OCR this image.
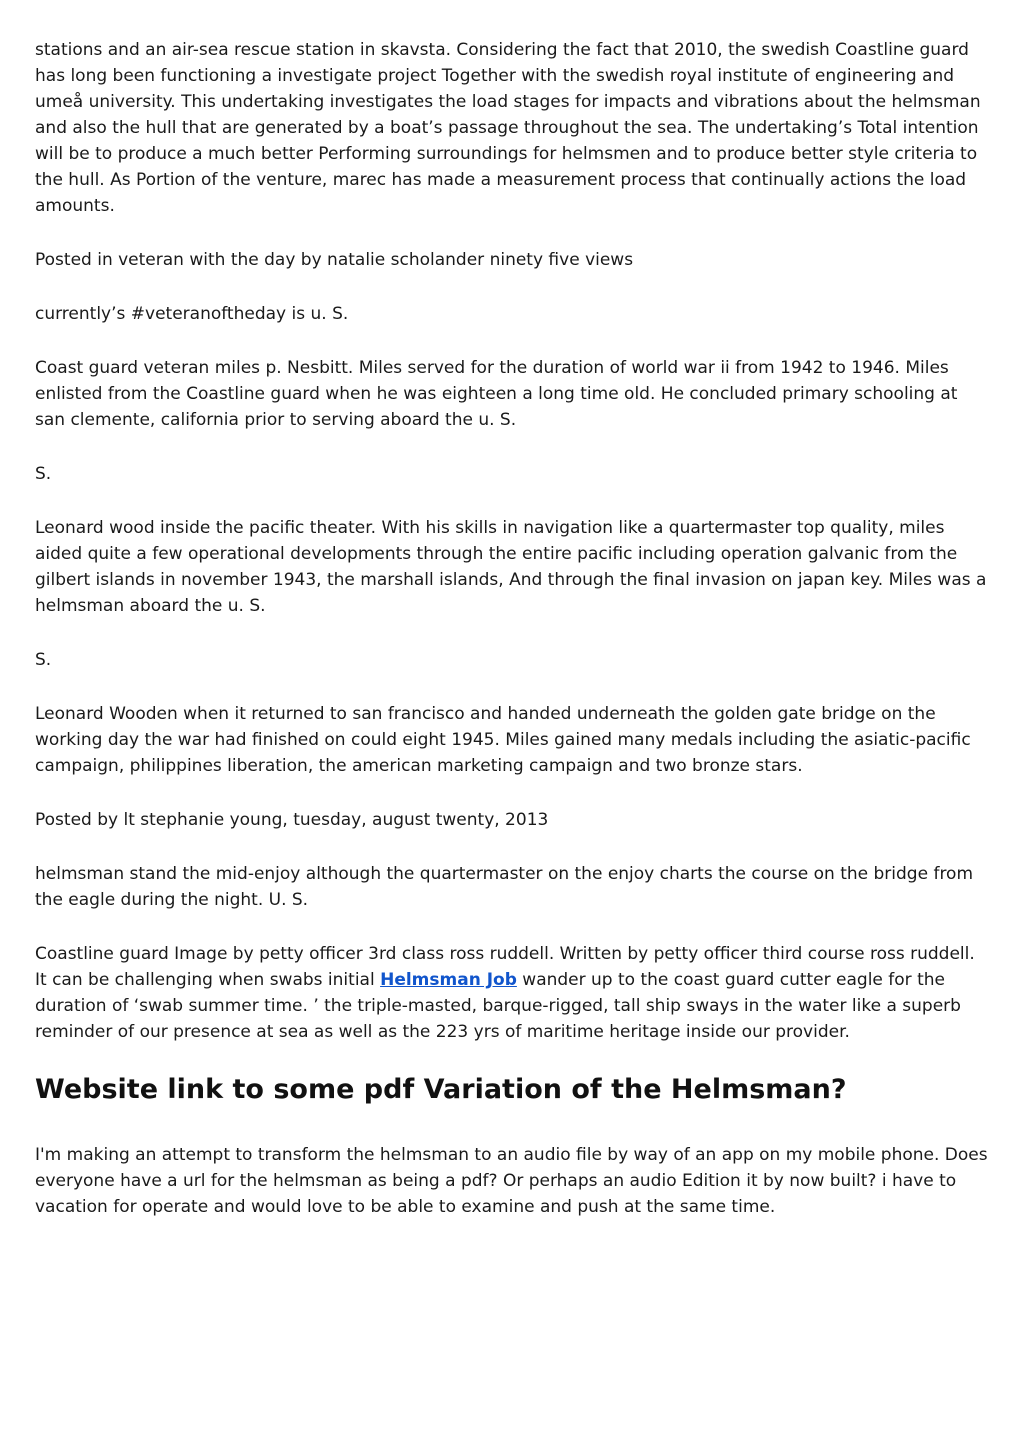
stations and an air-sea rescue station in skavsta. Considering the fact that 2010, the swedish Coastline guard has long been functioning a investigate project Together with the swedish royal institute of engineering and umeå university. This undertaking investigates the load stages for impacts and vibrations about the helmsman and also the hull that are generated by a boat’s passage throughout the sea. The undertaking’s Total intention will be to produce a much better Performing surroundings for helmsmen and to produce better style criteria to the hull. As Portion of the venture, marec has made a measurement process that continually actions the load amounts.

Posted in veteran with the day by natalie scholander ninety five views

currently’s #veteranoftheday is u. S.

Coast guard veteran miles p. Nesbitt. Miles served for the duration of world war ii from 1942 to 1946. Miles enlisted from the Coastline guard when he was eighteen a long time old. He concluded primary schooling at san clemente, california prior to serving aboard the u. S.

S.

Leonard wood inside the pacific theater. With his skills in navigation like a quartermaster top quality, miles aided quite a few operational developments through the entire pacific including operation galvanic from the gilbert islands in november 1943, the marshall islands, And through the final invasion on japan key. Miles was a helmsman aboard the u. S.

S.

Leonard Wooden when it returned to san francisco and handed underneath the golden gate bridge on the working day the war had finished on could eight 1945. Miles gained many medals including the asiatic-pacific campaign, philippines liberation, the american marketing campaign and two bronze stars.

Posted by lt stephanie young, tuesday, august twenty, 2013

helmsman stand the mid-enjoy although the quartermaster on the enjoy charts the course on the bridge from the eagle during the night. U. S.

Coastline guard Image by petty officer 3rd class ross ruddell. Written by petty officer third course ross ruddell. It can be challenging when swabs initial Helmsman Job wander up to the coast guard cutter eagle for the duration of ‘swab summer time. ’ the triple-masted, barque-rigged, tall ship sways in the water like a superb reminder of our presence at sea as well as the 223 yrs of maritime heritage inside our provider.

Website link to some pdf Variation of the Helmsman?

I'm making an attempt to transform the helmsman to an audio file by way of an app on my mobile phone. Does everyone have a url for the helmsman as being a pdf? Or perhaps an audio Edition it by now built? i have to vacation for operate and would love to be able to examine and push at the same time.
